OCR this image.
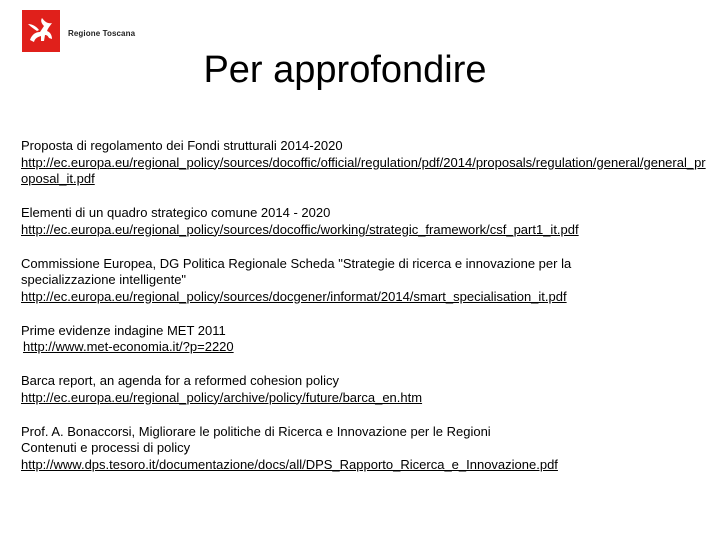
Regione Toscana
Per approfondire
Proposta di regolamento dei Fondi strutturali 2014-2020
http://ec.europa.eu/regional_policy/sources/docoffic/official/regulation/pdf/2014/proposals/regulation/general/general_proposal_it.pdf
Elementi di un quadro strategico comune 2014 - 2020
http://ec.europa.eu/regional_policy/sources/docoffic/working/strategic_framework/csf_part1_it.pdf
Commissione Europea, DG Politica Regionale Scheda "Strategie di ricerca e innovazione per la
specializzazione intelligente"
http://ec.europa.eu/regional_policy/sources/docgener/informat/2014/smart_specialisation_it.pdf
Prime evidenze indagine MET 2011
http://www.met-economia.it/?p=2220
Barca report, an agenda for a reformed cohesion policy
http://ec.europa.eu/regional_policy/archive/policy/future/barca_en.htm
Prof. A. Bonaccorsi, Migliorare le politiche di Ricerca e Innovazione per le Regioni
Contenuti e processi di policy
http://www.dps.tesoro.it/documentazione/docs/all/DPS_Rapporto_Ricerca_e_Innovazione.pdf
